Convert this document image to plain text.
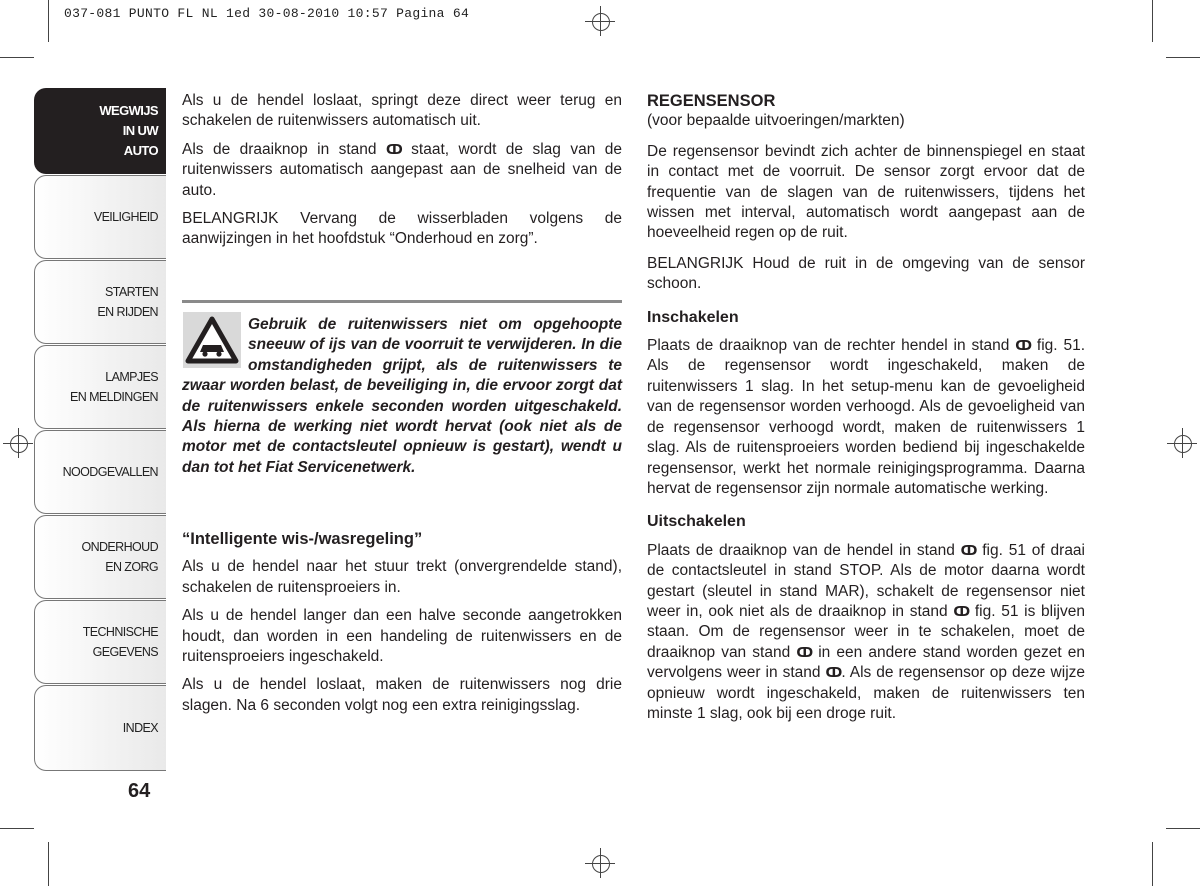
037-081 PUNTO FL NL 1ed 30-08-2010 10:57 Pagina 64
WEGWIJS
IN UW
AUTO
VEILIGHEID
STARTEN
EN RIJDEN
LAMPJES
EN MELDINGEN
NOODGEVALLEN
ONDERHOUD
EN ZORG
TECHNISCHE
GEGEVENS
INDEX
64

Als u de hendel loslaat, springt deze direct weer terug en schakelen de ruitenwissers automatisch uit.

Als de draaiknop in stand ↀ staat, wordt de slag van de ruitenwissers automatisch aangepast aan de snelheid van de auto.

BELANGRIJK Vervang de wisserbladen volgens de aanwijzingen in het hoofdstuk “Onderhoud en zorg”.

Gebruik de ruitenwissers niet om opgehoopte sneeuw of ijs van de voorruit te verwijderen. In die omstandigheden grijpt, als de ruitenwissers te zwaar worden belast, de beveiliging in, die ervoor zorgt dat de ruitenwissers enkele seconden worden uitgeschakeld. Als hierna de werking niet wordt hervat (ook niet als de motor met de contactsleutel opnieuw is gestart), wendt u dan tot het Fiat Servicenetwerk.

“Intelligente wis-/wasregeling”

Als u de hendel naar het stuur trekt (onvergrendelde stand), schakelen de ruitensproeiers in.

Als u de hendel langer dan een halve seconde aangetrokken houdt, dan worden in een handeling de ruitenwissers en de ruitensproeiers ingeschakeld.

Als u de hendel loslaat, maken de ruitenwissers nog drie slagen. Na 6 seconden volgt nog een extra reinigingsslag.

REGENSENSOR

(voor bepaalde uitvoeringen/markten)

De regensensor bevindt zich achter de binnenspiegel en staat in contact met de voorruit. De sensor zorgt ervoor dat de frequentie van de slagen van de ruitenwissers, tijdens het wissen met interval, automatisch wordt aangepast aan de hoeveelheid regen op de ruit.

BELANGRIJK Houd de ruit in de omgeving van de sensor schoon.

Inschakelen

Plaats de draaiknop van de rechter hendel in stand ↀ fig. 51. Als de regensensor wordt ingeschakeld, maken de ruitenwissers 1 slag. In het setup-menu kan de gevoeligheid van de regensensor worden verhoogd. Als de gevoeligheid van de regensensor verhoogd wordt, maken de ruitenwissers 1 slag. Als de ruitensproeiers worden bediend bij ingeschakelde regensensor, werkt het normale reinigingsprogramma. Daarna hervat de regensensor zijn normale automatische werking.

Uitschakelen

Plaats de draaiknop van de hendel in stand ↀ fig. 51 of draai de contactsleutel in stand STOP. Als de motor daarna wordt gestart (sleutel in stand MAR), schakelt de regensensor niet weer in, ook niet als de draaiknop in stand ↀ fig. 51 is blijven staan. Om de regensensor weer in te schakelen, moet de draaiknop van stand ↀ in een andere stand worden gezet en vervolgens weer in stand ↀ. Als de regensensor op deze wijze opnieuw wordt ingeschakeld, maken de ruitenwissers ten minste 1 slag, ook bij een droge ruit.
